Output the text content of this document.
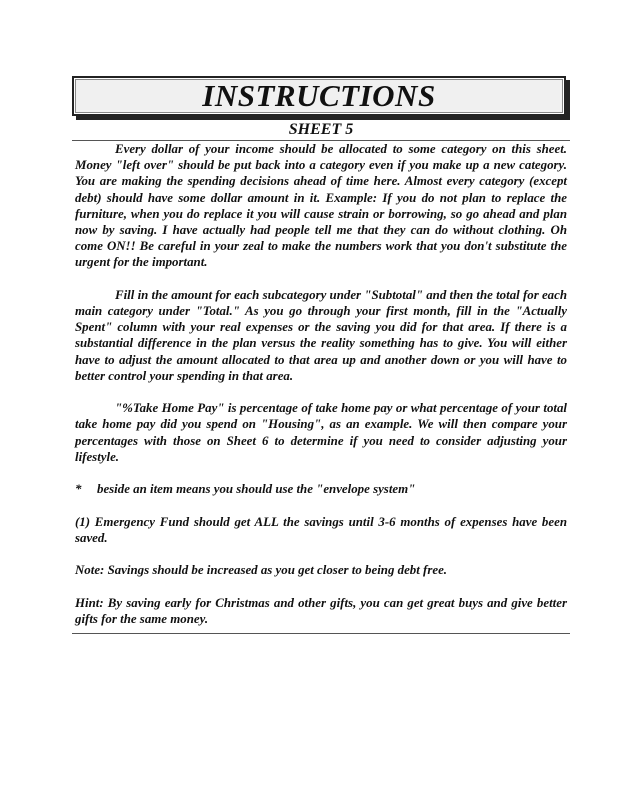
INSTRUCTIONS
SHEET 5

Every dollar of your income should be allocated to some category on this sheet. Money "left over" should be put back into a category even if you make up a new category. You are making the spending decisions ahead of time here. Almost every category (except debt) should have some dollar amount in it. Example: If you do not plan to replace the furniture, when you do replace it you will cause strain or borrowing, so go ahead and plan now by saving. I have actually had people tell me that they can do without clothing. Oh come ON!! Be careful in your zeal to make the numbers work that you don't substitute the urgent for the important.

Fill in the amount for each subcategory under "Subtotal" and then the total for each main category under "Total." As you go through your first month, fill in the "Actually Spent" column with your real expenses or the saving you did for that area. If there is a substantial difference in the plan versus the reality something has to give. You will either have to adjust the amount allocated to that area up and another down or you will have to better control your spending in that area.

"%Take Home Pay" is percentage of take home pay or what percentage of your total take home pay did you spend on "Housing", as an example. We will then compare your percentages with those on Sheet 6 to determine if you need to consider adjusting your lifestyle.

* beside an item means you should use the "envelope system"

(1) Emergency Fund should get ALL the savings until 3-6 months of expenses have been saved.

Note: Savings should be increased as you get closer to being debt free.

Hint: By saving early for Christmas and other gifts, you can get great buys and give better gifts for the same money.
